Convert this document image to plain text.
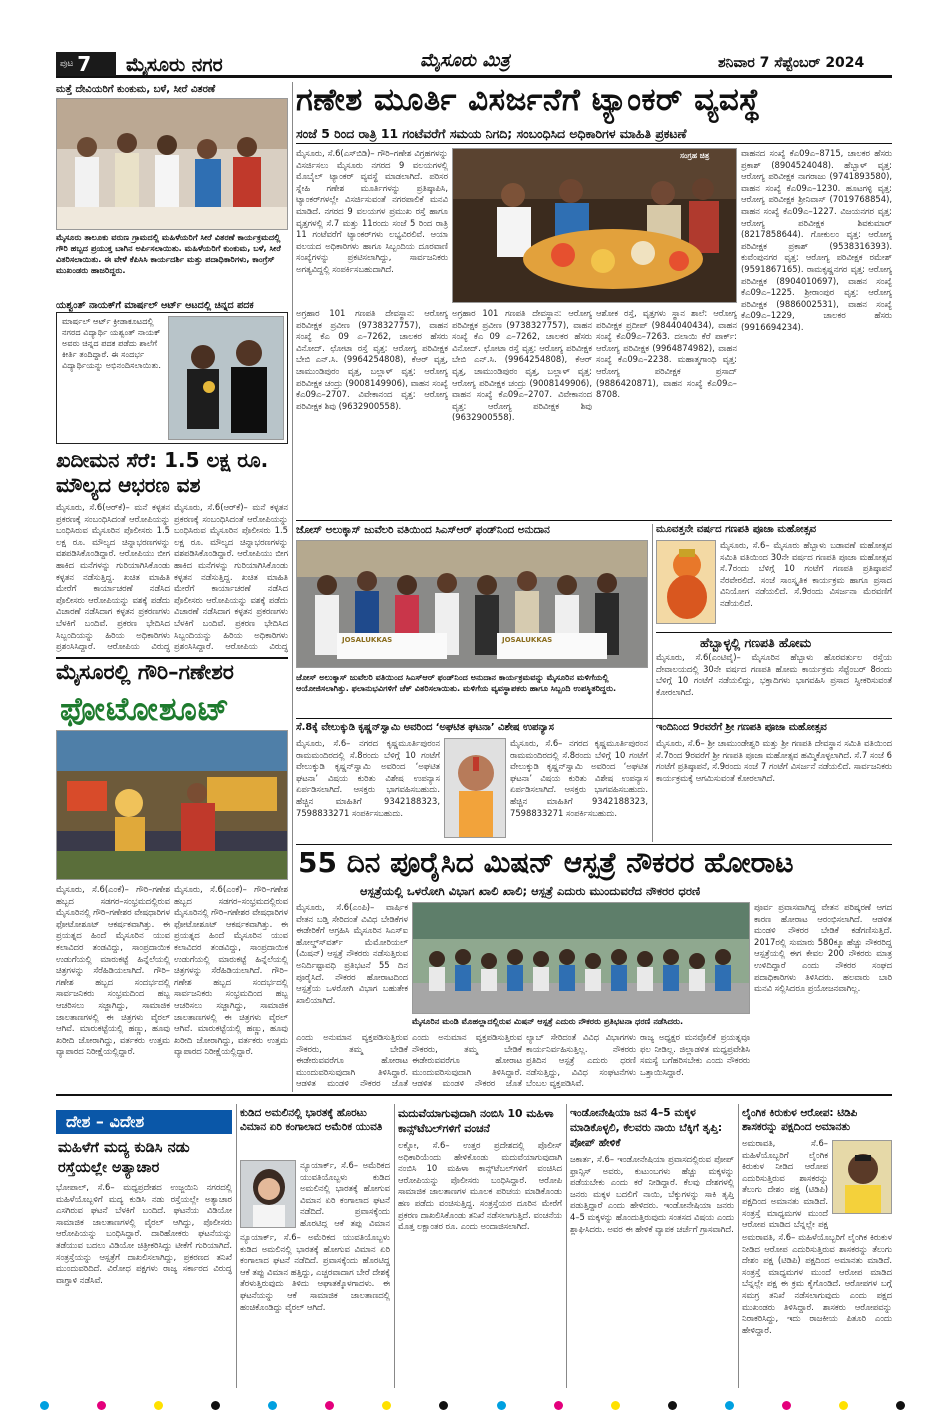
ಪುಟ 7 ಮೈಸೂರು ನಗರ	ಮೈಸೂರು ಮಿತ್ರ	ಶನಿವಾರ 7 ಸೆಪ್ಟೆಂಬರ್ 2024
ಮತ್ತೆ ದೇವಿಯರಿಗೆ ಕುಂಕುಮ, ಬಳೆ, ಸೀರೆ ವಿತರಣೆ
ಮೈಸೂರು ತಾಲೂಕು ವರುಣ ಗ್ರಾಮದಲ್ಲಿ ಮಹಿಳೆಯರಿಗೆ ಸೀರೆ ವಿತರಣೆ ಕಾರ್ಯಕ್ರಮದಲ್ಲಿ ಗೌರಿ ಹಬ್ಬದ ಪ್ರಯುಕ್ತ ಬಾಗಿನ ಅರ್ಪಿಸಲಾಯಿತು. ಮಹಿಳೆಯರಿಗೆ ಕುಂಕುಮ, ಬಳೆ, ಸೀರೆ ವಿತರಿಸಲಾಯಿತು. ಈ ವೇಳೆ ಕೆಪಿಸಿಸಿ ಕಾರ್ಯದರ್ಶಿ ಮತ್ತು ಪದಾಧಿಕಾರಿಗಳು, ಕಾಂಗ್ರೆಸ್ ಮುಖಂಡರು ಹಾಜರಿದ್ದರು.
ಯಶ್ವಂತ್ ನಾಯಕ್‌ಗೆ ಮಾರ್ಷಲ್ ಆರ್ಟ್ ಆಟದಲ್ಲಿ ಚಿನ್ನದ ಪದಕ
ಮಾರ್ಷಲ್ ಆರ್ಟ್ ಕ್ರೀಡಾಕೂಟದಲ್ಲಿ ನಗರದ ವಿದ್ಯಾರ್ಥಿ ಯಶ್ವಂತ್ ನಾಯಕ್ ಅವರು ಚಿನ್ನದ ಪದಕ ಪಡೆದು ಶಾಲೆಗೆ ಕೀರ್ತಿ ತಂದಿದ್ದಾರೆ. ಈ ಸಂದರ್ಭ ವಿದ್ಯಾರ್ಥಿಯನ್ನು ಅಭಿನಂದಿಸಲಾಯಿತು.
ಖದೀಮನ ಸೆರೆ: 1.5 ಲಕ್ಷ ರೂ. ಮೌಲ್ಯದ ಆಭರಣ ವಶ
ಮೈಸೂರು, ಸೆ.6(ಆರ್‌ಕೆ)– ಮನೆ ಕಳ್ಳತನ ಪ್ರಕರಣಕ್ಕೆ ಸಂಬಂಧಿಸಿದಂತೆ ಆರೋಪಿಯನ್ನು ಬಂಧಿಸಿರುವ ಮೈಸೂರಿನ ಪೊಲೀಸರು 1.5 ಲಕ್ಷ ರೂ. ಮೌಲ್ಯದ ಚಿನ್ನಾಭರಣಗಳನ್ನು ವಶಪಡಿಸಿಕೊಂಡಿದ್ದಾರೆ. ಆರೋಪಿಯು ಬೀಗ ಹಾಕಿದ ಮನೆಗಳನ್ನು ಗುರಿಯಾಗಿಸಿಕೊಂಡು ಕಳ್ಳತನ ನಡೆಸುತ್ತಿದ್ದ. ಖಚಿತ ಮಾಹಿತಿ ಮೇರೆಗೆ ಕಾರ್ಯಾಚರಣೆ ನಡೆಸಿದ ಪೊಲೀಸರು ಆರೋಪಿಯನ್ನು ವಶಕ್ಕೆ ಪಡೆದು ವಿಚಾರಣೆ ನಡೆಸಿದಾಗ ಕಳ್ಳತನ ಪ್ರಕರಣಗಳು ಬೆಳಕಿಗೆ ಬಂದಿವೆ. ಪ್ರಕರಣ ಭೇದಿಸಿದ ಸಿಬ್ಬಂದಿಯನ್ನು ಹಿರಿಯ ಅಧಿಕಾರಿಗಳು ಪ್ರಶಂಸಿಸಿದ್ದಾರೆ. ಆರೋಪಿಯ ವಿರುದ್ಧ
ಮೈಸೂರು, ಸೆ.6(ಆರ್‌ಕೆ)– ಮನೆ ಕಳ್ಳತನ ಪ್ರಕರಣಕ್ಕೆ ಸಂಬಂಧಿಸಿದಂತೆ ಆರೋಪಿಯನ್ನು ಬಂಧಿಸಿರುವ ಮೈಸೂರಿನ ಪೊಲೀಸರು 1.5 ಲಕ್ಷ ರೂ. ಮೌಲ್ಯದ ಚಿನ್ನಾಭರಣಗಳನ್ನು ವಶಪಡಿಸಿಕೊಂಡಿದ್ದಾರೆ. ಆರೋಪಿಯು ಬೀಗ ಹಾಕಿದ ಮನೆಗಳನ್ನು ಗುರಿಯಾಗಿಸಿಕೊಂಡು ಕಳ್ಳತನ ನಡೆಸುತ್ತಿದ್ದ. ಖಚಿತ ಮಾಹಿತಿ ಮೇರೆಗೆ ಕಾರ್ಯಾಚರಣೆ ನಡೆಸಿದ ಪೊಲೀಸರು ಆರೋಪಿಯನ್ನು ವಶಕ್ಕೆ ಪಡೆದು ವಿಚಾರಣೆ ನಡೆಸಿದಾಗ ಕಳ್ಳತನ ಪ್ರಕರಣಗಳು ಬೆಳಕಿಗೆ ಬಂದಿವೆ. ಪ್ರಕರಣ ಭೇದಿಸಿದ ಸಿಬ್ಬಂದಿಯನ್ನು ಹಿರಿಯ ಅಧಿಕಾರಿಗಳು ಪ್ರಶಂಸಿಸಿದ್ದಾರೆ. ಆರೋಪಿಯ ವಿರುದ್ಧ
ಮೈಸೂರಲ್ಲಿ ಗೌರಿ–ಗಣೇಶರ
ಫೋಟೋಶೂಟ್
ಮೈಸೂರು, ಸೆ.6(ಎಂಕೆ)– ಗೌರಿ–ಗಣೇಶ ಹಬ್ಬದ ಸಡಗರ–ಸಂಭ್ರಮದಲ್ಲಿರುವ ಮೈಸೂರಿನಲ್ಲಿ ಗೌರಿ–ಗಣೇಶರ ವೇಷಧಾರಿಗಳ ಫೋಟೋಶೂಟ್ ಆಕರ್ಷಕವಾಗಿತ್ತು. ಈ ಪ್ರಯತ್ನದ ಹಿಂದೆ ಮೈಸೂರಿನ ಯುವ ಕಲಾವಿದರ ತಂಡವಿದ್ದು, ಸಾಂಪ್ರದಾಯಿಕ ಉಡುಗೆಯಲ್ಲಿ ಮಾರುಕಟ್ಟೆ ಹಿನ್ನೆಲೆಯಲ್ಲಿ ಚಿತ್ರಗಳನ್ನು ಸೆರೆಹಿಡಿಯಲಾಗಿದೆ. ಗೌರಿ–ಗಣೇಶ ಹಬ್ಬದ ಸಂದರ್ಭದಲ್ಲಿ ಸಾರ್ವಜನಿಕರು ಸಂಭ್ರಮದಿಂದ ಹಬ್ಬ ಆಚರಿಸಲು ಸಜ್ಜಾಗಿದ್ದು, ಸಾಮಾಜಿಕ ಜಾಲತಾಣಗಳಲ್ಲಿ ಈ ಚಿತ್ರಗಳು ವೈರಲ್ ಆಗಿವೆ. ಮಾರುಕಟ್ಟೆಯಲ್ಲಿ ಹಣ್ಣು, ಹೂವು ಖರೀದಿ ಜೋರಾಗಿದ್ದು, ವರ್ತಕರು ಉತ್ತಮ ವ್ಯಾಪಾರದ ನಿರೀಕ್ಷೆಯಲ್ಲಿದ್ದಾರೆ.
ಮೈಸೂರು, ಸೆ.6(ಎಂಕೆ)– ಗೌರಿ–ಗಣೇಶ ಹಬ್ಬದ ಸಡಗರ–ಸಂಭ್ರಮದಲ್ಲಿರುವ ಮೈಸೂರಿನಲ್ಲಿ ಗೌರಿ–ಗಣೇಶರ ವೇಷಧಾರಿಗಳ ಫೋಟೋಶೂಟ್ ಆಕರ್ಷಕವಾಗಿತ್ತು. ಈ ಪ್ರಯತ್ನದ ಹಿಂದೆ ಮೈಸೂರಿನ ಯುವ ಕಲಾವಿದರ ತಂಡವಿದ್ದು, ಸಾಂಪ್ರದಾಯಿಕ ಉಡುಗೆಯಲ್ಲಿ ಮಾರುಕಟ್ಟೆ ಹಿನ್ನೆಲೆಯಲ್ಲಿ ಚಿತ್ರಗಳನ್ನು ಸೆರೆಹಿಡಿಯಲಾಗಿದೆ. ಗೌರಿ–ಗಣೇಶ ಹಬ್ಬದ ಸಂದರ್ಭದಲ್ಲಿ ಸಾರ್ವಜನಿಕರು ಸಂಭ್ರಮದಿಂದ ಹಬ್ಬ ಆಚರಿಸಲು ಸಜ್ಜಾಗಿದ್ದು, ಸಾಮಾಜಿಕ ಜಾಲತಾಣಗಳಲ್ಲಿ ಈ ಚಿತ್ರಗಳು ವೈರಲ್ ಆಗಿವೆ. ಮಾರುಕಟ್ಟೆಯಲ್ಲಿ ಹಣ್ಣು, ಹೂವು ಖರೀದಿ ಜೋರಾಗಿದ್ದು, ವರ್ತಕರು ಉತ್ತಮ ವ್ಯಾಪಾರದ ನಿರೀಕ್ಷೆಯಲ್ಲಿದ್ದಾರೆ.
ಗಣೇಶ ಮೂರ್ತಿ ವಿಸರ್ಜನೆಗೆ ಟ್ಯಾಂಕರ್ ವ್ಯವಸ್ಥೆ
ಸಂಜೆ 5 ರಿಂದ ರಾತ್ರಿ 11 ಗಂಟೆವರೆಗೆ ಸಮಯ ನಿಗದಿ; ಸಂಬಂಧಿಸಿದ ಅಧಿಕಾರಿಗಳ ಮಾಹಿತಿ ಪ್ರಕಟಣೆ
ಮೈಸೂರು, ಸೆ.6(ಎಸ್‌ಬಿಡಿ)– ಗೌರಿ–ಗಣೇಶ ವಿಗ್ರಹಗಳನ್ನು ವಿಸರ್ಜಿಸಲು ಮೈಸೂರು ನಗರದ 9 ವಲಯಗಳಲ್ಲಿ ಮೊಬೈಲ್ ಟ್ಯಾಂಕರ್ ವ್ಯವಸ್ಥೆ ಮಾಡಲಾಗಿದೆ. ಪರಿಸರ ಸ್ನೇಹಿ ಗಣೇಶ ಮೂರ್ತಿಗಳನ್ನು ಪ್ರತಿಷ್ಠಾಪಿಸಿ, ಟ್ಯಾಂಕರ್‌ಗಳಲ್ಲೇ ವಿಸರ್ಜಿಸುವಂತೆ ನಗರಪಾಲಿಕೆ ಮನವಿ ಮಾಡಿದೆ. ನಗರದ 9 ವಲಯಗಳ ಪ್ರಮುಖ ರಸ್ತೆ ಹಾಗೂ ವೃತ್ತಗಳಲ್ಲಿ ಸೆ.7 ಮತ್ತು 11ರಂದು ಸಂಜೆ 5 ರಿಂದ ರಾತ್ರಿ 11 ಗಂಟೆವರೆಗೆ ಟ್ಯಾಂಕರ್‌ಗಳು ಲಭ್ಯವಿರಲಿವೆ. ಆಯಾ ವಲಯದ ಅಧಿಕಾರಿಗಳು ಹಾಗೂ ಸಿಬ್ಬಂದಿಯ ದೂರವಾಣಿ ಸಂಖ್ಯೆಗಳನ್ನು ಪ್ರಕಟಿಸಲಾಗಿದ್ದು, ಸಾರ್ವಜನಿಕರು ಅಗತ್ಯವಿದ್ದಲ್ಲಿ ಸಂಪರ್ಕಿಸಬಹುದಾಗಿದೆ.
ಸಂಗ್ರಹ ಚಿತ್ರ	ವಾಹನದ ಸಂಖ್ಯೆ ಕೆಎ09ಎ–8715, ಚಾಲಕರ ಹೆಸರು ಪ್ರಕಾಶ್ (8904524048). ಹೆಬ್ಬಾಳ್ ವೃತ್ತ: ಆರೋಗ್ಯ ಪರಿವೀಕ್ಷಕ ನಾಗರಾಜು (9741893580), ವಾಹನ ಸಂಖ್ಯೆ ಕೆಎ09ಎ–1230. ಹೂಟಗಳ್ಳಿ ವೃತ್ತ: ಆರೋಗ್ಯ ಪರಿವೀಕ್ಷಕ ಶ್ರೀನಿವಾಸ್ (7019768854), ವಾಹನ ಸಂಖ್ಯೆ ಕೆಎ09ಎ–1227. ವಿಜಯನಗರ ವೃತ್ತ: ಆರೋಗ್ಯ ಪರಿವೀಕ್ಷಕ ಶಿವಕುಮಾರ್ (8217858644). ಗೋಕುಲಂ ವೃತ್ತ: ಆರೋಗ್ಯ ಪರಿವೀಕ್ಷಕ ಪ್ರಕಾಶ್ (9538316393). ಕುವೆಂಪುನಗರ ವೃತ್ತ: ಆರೋಗ್ಯ ಪರಿವೀಕ್ಷಕ ರಮೇಶ್ (9591867165). ರಾಮಕೃಷ್ಣನಗರ ವೃತ್ತ: ಆರೋಗ್ಯ ಪರಿವೀಕ್ಷಕ (8904010697), ವಾಹನ ಸಂಖ್ಯೆ ಕೆಎ09ಎ–1225. ಶ್ರೀರಾಂಪುರ ವೃತ್ತ: ಆರೋಗ್ಯ ಪರಿವೀಕ್ಷಕ (9886002531), ವಾಹನ ಸಂಖ್ಯೆ ಕೆಎ09ಎ–1229, ಚಾಲಕರ ಹೆಸರು (9916694234).
ಅಗ್ರಹಾರ 101 ಗಣಪತಿ ದೇವಸ್ಥಾನ: ಆರೋಗ್ಯ ಪರಿವೀಕ್ಷಕ ಪ್ರವೀಣ (9738327757), ವಾಹನ ಸಂಖ್ಯೆ ಕೆಎ 09 ಎ–7262, ಚಾಲಕರ ಹೆಸರು ವಿನೋದ್. ಛೋಟಾ ರಸ್ತೆ ವೃತ್ತ: ಆರೋಗ್ಯ ಪರಿವೀಕ್ಷಕ ಬೇಬಿ ಎನ್.ಸಿ. (9964254808), ಕೆಆರ್ ವೃತ್ತ, ಚಾಮುಂಡಿಪುರಂ ವೃತ್ತ, ಬಲ್ಲಾಳ್ ವೃತ್ತ: ಆರೋಗ್ಯ ಪರಿವೀಕ್ಷಕ ಚಂದ್ರು (9008149906), ವಾಹನ ಸಂಖ್ಯೆ ಕೆಎ09ಎ–2707. ವಿವೇಕಾನಂದ ವೃತ್ತ: ಆರೋಗ್ಯ ಪರಿವೀಕ್ಷಕ ಶಿವು (9632900558).
ಅಗ್ರಹಾರ 101 ಗಣಪತಿ ದೇವಸ್ಥಾನ: ಆರೋಗ್ಯ ಪರಿವೀಕ್ಷಕ ಪ್ರವೀಣ (9738327757), ವಾಹನ ಸಂಖ್ಯೆ ಕೆಎ 09 ಎ–7262, ಚಾಲಕರ ಹೆಸರು ವಿನೋದ್. ಛೋಟಾ ರಸ್ತೆ ವೃತ್ತ: ಆರೋಗ್ಯ ಪರಿವೀಕ್ಷಕ ಬೇಬಿ ಎನ್.ಸಿ. (9964254808), ಕೆಆರ್ ವೃತ್ತ, ಚಾಮುಂಡಿಪುರಂ ವೃತ್ತ, ಬಲ್ಲಾಳ್ ವೃತ್ತ: ಆರೋಗ್ಯ ಪರಿವೀಕ್ಷಕ ಚಂದ್ರು (9008149906), ವಾಹನ ಸಂಖ್ಯೆ ಕೆಎ09ಎ–2707. ವಿವೇಕಾನಂದ ವೃತ್ತ: ಆರೋಗ್ಯ ಪರಿವೀಕ್ಷಕ ಶಿವು (9632900558).
ಆಶೋಕ ರಸ್ತೆ, ವೃತ್ತಗಳು ಸ್ಥಾನ ಶಾಲೆ: ಆರೋಗ್ಯ ಪರಿವೀಕ್ಷಕ ಪ್ರದೀಪ್ (9844040434), ವಾಹನ ಸಂಖ್ಯೆ ಕೆಎ09ಎ–7263. ದಲಾಯಿ ಕೆರೆ ಪಾರ್ಕ್: ಆರೋಗ್ಯ ಪರಿವೀಕ್ಷಕ (9964874982), ವಾಹನ ಸಂಖ್ಯೆ ಕೆಎ09ಎ–2238. ಮಹಾತ್ಮಗಾಂಧಿ ವೃತ್ತ: ಆರೋಗ್ಯ ಪರಿವೀಕ್ಷಕ ಪ್ರಸಾದ್ (9886420871), ವಾಹನ ಸಂಖ್ಯೆ ಕೆಎ09ಎ–8708.
ಜೋಸ್ ಅಲುಕ್ಕಾಸ್ ಜುವೆಲರಿ ವತಿಯಿಂದ ಸಿಎಸ್‌ಆರ್ ಫಂಡ್‌ನಿಂದ ಅನುದಾನ
JOSALUKKAS	JOSALUKKAS
ಜೋಸ್ ಅಲುಕ್ಕಾಸ್ ಜುವೆಲರಿ ವತಿಯಿಂದ ಸಿಎಸ್‌ಆರ್ ಫಂಡ್‌ನಿಂದ ಅನುದಾನ ಕಾರ್ಯಕ್ರಮವನ್ನು ಮೈಸೂರಿನ ಮಳಿಗೆಯಲ್ಲಿ ಆಯೋಜಿಸಲಾಗಿತ್ತು. ಫಲಾನುಭವಿಗಳಿಗೆ ಚೆಕ್ ವಿತರಿಸಲಾಯಿತು. ಮಳಿಗೆಯ ವ್ಯವಸ್ಥಾಪಕರು ಹಾಗೂ ಸಿಬ್ಬಂದಿ ಉಪಸ್ಥಿತರಿದ್ದರು.
ಮೂವತ್ತನೇ ವರ್ಷದ ಗಣಪತಿ ಪೂಜಾ ಮಹೋತ್ಸವ
ಮೈಸೂರು, ಸೆ.6– ಮೈಸೂರು ಹೆಬ್ಬಾಳು ಬಡಾವಣೆ ಮಹೋತ್ಸವ ಸಮಿತಿ ವತಿಯಿಂದ 30ನೇ ವರ್ಷದ ಗಣಪತಿ ಪೂಜಾ ಮಹೋತ್ಸವ ಸೆ.7ರಂದು ಬೆಳಿಗ್ಗೆ 10 ಗಂಟೆಗೆ ಗಣಪತಿ ಪ್ರತಿಷ್ಠಾಪನೆ ನೆರವೇರಲಿದೆ. ಸಂಜೆ ಸಾಂಸ್ಕೃತಿಕ ಕಾರ್ಯಕ್ರಮ ಹಾಗೂ ಪ್ರಸಾದ ವಿನಿಯೋಗ ನಡೆಯಲಿದೆ. ಸೆ.9ರಂದು ವಿಸರ್ಜನಾ ಮೆರವಣಿಗೆ ನಡೆಯಲಿದೆ.
ಹೆಬ್ಬಾಳ್ಳಲ್ಲಿ ಗಣಪತಿ ಹೋಮ
ಮೈಸೂರು, ಸೆ.6(ಎಂಟಿವೈ)– ಮೈಸೂರಿನ ಹೆಬ್ಬಾಳು ಹೊರವರ್ತುಲ ರಸ್ತೆಯ ದೇವಾಲಯದಲ್ಲಿ 30ನೇ ವರ್ಷದ ಗಣಪತಿ ಹೋಮ ಕಾರ್ಯಕ್ರಮ ಸೆಪ್ಟೆಂಬರ್ 8ರಂದು ಬೆಳಿಗ್ಗೆ 10 ಗಂಟೆಗೆ ನಡೆಯಲಿದ್ದು, ಭಕ್ತಾದಿಗಳು ಭಾಗವಹಿಸಿ ಪ್ರಸಾದ ಸ್ವೀಕರಿಸುವಂತೆ ಕೋರಲಾಗಿದೆ.
ಸೆ.8ಕ್ಕೆ ವೇಲುಕ್ಕುಡಿ ಕೃಷ್ಣನ್‌ಸ್ವಾಮಿ ಅವರಿಂದ ‘ಅಘಟಿತ ಘಟನಾ’ ವಿಶೇಷ ಉಪನ್ಯಾಸ
ಮೈಸೂರು, ಸೆ.6– ನಗರದ ಕೃಷ್ಣಮೂರ್ತಿಪುರಂನ ರಾಮಮಂದಿರದಲ್ಲಿ ಸೆ.8ರಂದು ಬೆಳಿಗ್ಗೆ 10 ಗಂಟೆಗೆ ವೇಲುಕ್ಕುಡಿ ಕೃಷ್ಣನ್‌ಸ್ವಾಮಿ ಅವರಿಂದ ‘ಅಘಟಿತ ಘಟನಾ’ ವಿಷಯ ಕುರಿತು ವಿಶೇಷ ಉಪನ್ಯಾಸ ಏರ್ಪಡಿಸಲಾಗಿದೆ. ಆಸಕ್ತರು ಭಾಗವಹಿಸಬಹುದು. ಹೆಚ್ಚಿನ ಮಾಹಿತಿಗೆ 9342188323, 7598833271 ಸಂಪರ್ಕಿಸಬಹುದು.
ಮೈಸೂರು, ಸೆ.6– ನಗರದ ಕೃಷ್ಣಮೂರ್ತಿಪುರಂನ ರಾಮಮಂದಿರದಲ್ಲಿ ಸೆ.8ರಂದು ಬೆಳಿಗ್ಗೆ 10 ಗಂಟೆಗೆ ವೇಲುಕ್ಕುಡಿ ಕೃಷ್ಣನ್‌ಸ್ವಾಮಿ ಅವರಿಂದ ‘ಅಘಟಿತ ಘಟನಾ’ ವಿಷಯ ಕುರಿತು ವಿಶೇಷ ಉಪನ್ಯಾಸ ಏರ್ಪಡಿಸಲಾಗಿದೆ. ಆಸಕ್ತರು ಭಾಗವಹಿಸಬಹುದು. ಹೆಚ್ಚಿನ ಮಾಹಿತಿಗೆ 9342188323, 7598833271 ಸಂಪರ್ಕಿಸಬಹುದು.
ಇಂದಿನಿಂದ 9ರವರೆಗೆ ಶ್ರೀ ಗಣಪತಿ ಪೂಜಾ ಮಹೋತ್ಸವ
ಮೈಸೂರು, ಸೆ.6– ಶ್ರೀ ಚಾಮುಂಡೇಶ್ವರಿ ಮತ್ತು ಶ್ರೀ ಗಣಪತಿ ದೇವಸ್ಥಾನ ಸಮಿತಿ ವತಿಯಿಂದ ಸೆ.7ರಿಂದ 9ರವರೆಗೆ ಶ್ರೀ ಗಣಪತಿ ಪೂಜಾ ಮಹೋತ್ಸವ ಹಮ್ಮಿಕೊಳ್ಳಲಾಗಿದೆ. ಸೆ.7 ಸಂಜೆ 6 ಗಂಟೆಗೆ ಪ್ರತಿಷ್ಠಾಪನೆ, ಸೆ.9ರಂದು ಸಂಜೆ 7 ಗಂಟೆಗೆ ವಿಸರ್ಜನೆ ನಡೆಯಲಿದೆ. ಸಾರ್ವಜನಿಕರು ಕಾರ್ಯಕ್ರಮಕ್ಕೆ ಆಗಮಿಸುವಂತೆ ಕೋರಲಾಗಿದೆ.
55 ದಿನ ಪೂರೈಸಿದ ಮಿಷನ್ ಆಸ್ಪತ್ರೆ ನೌಕರರ ಹೋರಾಟ
ಆಸ್ಪತ್ರೆಯಲ್ಲಿ ಒಳರೋಗಿ ವಿಭಾಗ ಖಾಲಿ ಖಾಲಿ; ಆಸ್ಪತ್ರೆ ಎದುರು ಮುಂದುವರೆದ ನೌಕರರ ಧರಣಿ
ಮೈಸೂರು, ಸೆ.6(ಎಂಪಿ)– ವಾರ್ಷಿಕ ವೇತನ ಬಡ್ತಿ ಸೇರಿದಂತೆ ವಿವಿಧ ಬೇಡಿಕೆಗಳ ಈಡೇರಿಕೆಗೆ ಆಗ್ರಹಿಸಿ ಮೈಸೂರಿನ ಸಿಎಸ್‌ಐ ಹೋಲ್ಡ್‌ಸ್‌ವರ್ತ್ ಮೆಮೋರಿಯಲ್ (ಮಿಷನ್) ಆಸ್ಪತ್ರೆ ನೌಕರರು ನಡೆಸುತ್ತಿರುವ ಅನಿರ್ದಿಷ್ಟಾವಧಿ ಪ್ರತಿಭಟನೆ 55 ದಿನ ಪೂರೈಸಿದೆ. ನೌಕರರ ಹೋರಾಟದಿಂದ ಆಸ್ಪತ್ರೆಯ ಒಳರೋಗಿ ವಿಭಾಗ ಬಹುತೇಕ ಖಾಲಿಯಾಗಿದೆ.
ಮೈಸೂರಿನ ಮಂಡಿ ಮೊಹಲ್ಲಾದಲ್ಲಿರುವ ಮಿಷನ್ ಆಸ್ಪತ್ರೆ ಎದುರು ನೌಕರರು ಪ್ರತಿಭಟನಾ ಧರಣಿ ನಡೆಸಿದರು.
ಪೂರ್ವ ಪ್ರವಾಸವಾಗಿದ್ದ ವೇತನ ಪರಿಷ್ಕರಣೆ ಆಗದ ಕಾರಣ ಹೋರಾಟ ಆರಂಭಿಸಲಾಗಿದೆ. ಆಡಳಿತ ಮಂಡಳಿ ನೌಕರರ ಬೇಡಿಕೆ ಕಡೆಗಣಿಸುತ್ತಿದೆ. 2017ರಲ್ಲಿ ಸುಮಾರು 580ಕ್ಕೂ ಹೆಚ್ಚು ನೌಕರರಿದ್ದ ಆಸ್ಪತ್ರೆಯಲ್ಲಿ ಈಗ ಕೇವಲ 200 ನೌಕರರು ಮಾತ್ರ ಉಳಿದಿದ್ದಾರೆ ಎಂದು ನೌಕರರ ಸಂಘದ ಪದಾಧಿಕಾರಿಗಳು ತಿಳಿಸಿದರು. ಹಲವಾರು ಬಾರಿ ಮನವಿ ಸಲ್ಲಿಸಿದರೂ ಪ್ರಯೋಜನವಾಗಿಲ್ಲ.
ಎಂದು ಅನುಮಾನ ವ್ಯಕ್ತಪಡಿಸುತ್ತಿರುವ ನೌಕರರು, ತಮ್ಮ ಬೇಡಿಕೆ ಈಡೇರುವವರೆಗೂ ಹೋರಾಟ ಮುಂದುವರಿಸುವುದಾಗಿ ತಿಳಿಸಿದ್ದಾರೆ. ಆಡಳಿತ ಮಂಡಳಿ ನೌಕರರ ಜೊತೆ
ಎಂದು ಅನುಮಾನ ವ್ಯಕ್ತಪಡಿಸುತ್ತಿರುವ ನೌಕರರು, ತಮ್ಮ ಬೇಡಿಕೆ ಈಡೇರುವವರೆಗೂ ಹೋರಾಟ ಮುಂದುವರಿಸುವುದಾಗಿ ತಿಳಿಸಿದ್ದಾರೆ. ಆಡಳಿತ ಮಂಡಳಿ ನೌಕರರ ಜೊತೆ
ಲ್ಯಾಬ್ ಸೇರಿದಂತೆ ವಿವಿಧ ವಿಭಾಗಗಳು ಕಾರ್ಯನಿರ್ವಹಿಸುತ್ತಿಲ್ಲ. ನೌಕರರು ಪ್ರತಿದಿನ ಆಸ್ಪತ್ರೆ ಎದುರು ಧರಣಿ ನಡೆಸುತ್ತಿದ್ದು, ವಿವಿಧ ಸಂಘಟನೆಗಳು ಬೆಂಬಲ ವ್ಯಕ್ತಪಡಿಸಿವೆ.
ರಾಜ್ಯ ಅಧ್ಯಕ್ಷರ ಮನವೊಲಿಕೆ ಪ್ರಯತ್ನವೂ ಫಲ ನೀಡಿಲ್ಲ. ಜಿಲ್ಲಾಡಳಿತ ಮಧ್ಯಪ್ರವೇಶಿಸಿ ಸಮಸ್ಯೆ ಬಗೆಹರಿಸಬೇಕು ಎಂದು ನೌಕರರು ಒತ್ತಾಯಿಸಿದ್ದಾರೆ.
ದೇಶ – ವಿದೇಶ
ಮಹಿಳೆಗೆ ಮದ್ಯ ಕುಡಿಸಿ ನಡು ರಸ್ತೆಯಲ್ಲೇ ಅತ್ಯಾಚಾರ
ಭೋಪಾಲ್, ಸೆ.6– ಮಧ್ಯಪ್ರದೇಶದ ಉಜ್ಜಯಿನಿ ನಗರದಲ್ಲಿ ಮಹಿಳೆಯೊಬ್ಬಳಿಗೆ ಮದ್ಯ ಕುಡಿಸಿ ನಡು ರಸ್ತೆಯಲ್ಲೇ ಅತ್ಯಾಚಾರ ಎಸಗಿರುವ ಘಟನೆ ಬೆಳಕಿಗೆ ಬಂದಿದೆ. ಘಟನೆಯ ವಿಡಿಯೋ ಸಾಮಾಜಿಕ ಜಾಲತಾಣಗಳಲ್ಲಿ ವೈರಲ್ ಆಗಿದ್ದು, ಪೊಲೀಸರು ಆರೋಪಿಯನ್ನು ಬಂಧಿಸಿದ್ದಾರೆ. ದಾರಿಹೋಕರು ಘಟನೆಯನ್ನು ತಡೆಯುವ ಬದಲು ವಿಡಿಯೋ ಚಿತ್ರೀಕರಿಸಿದ್ದು ಟೀಕೆಗೆ ಗುರಿಯಾಗಿದೆ. ಸಂತ್ರಸ್ತೆಯನ್ನು ಆಸ್ಪತ್ರೆಗೆ ದಾಖಲಿಸಲಾಗಿದ್ದು, ಪ್ರಕರಣದ ತನಿಖೆ ಮುಂದುವರಿದಿದೆ. ವಿರೋಧ ಪಕ್ಷಗಳು ರಾಜ್ಯ ಸರ್ಕಾರದ ವಿರುದ್ಧ ವಾಗ್ದಾಳಿ ನಡೆಸಿವೆ.
ಕುಡಿದ ಅಮಲಿನಲ್ಲಿ ಭಾರತಕ್ಕೆ ಹೊರಟು ವಿಮಾನ ಏರಿ ಕಂಗಾಲಾದ ಅಮೆರಿಕ ಯುವತಿ
ನ್ಯೂಯಾರ್ಕ್, ಸೆ.6– ಅಮೆರಿಕದ ಯುವತಿಯೊಬ್ಬಳು ಕುಡಿದ ಅಮಲಿನಲ್ಲಿ ಭಾರತಕ್ಕೆ ಹೋಗುವ ವಿಮಾನ ಏರಿ ಕಂಗಾಲಾದ ಘಟನೆ ನಡೆದಿದೆ. ಪ್ರವಾಸಕ್ಕೆಂದು ಹೊರಟಿದ್ದ ಆಕೆ ತಪ್ಪು ವಿಮಾನ
ನ್ಯೂಯಾರ್ಕ್, ಸೆ.6– ಅಮೆರಿಕದ ಯುವತಿಯೊಬ್ಬಳು ಕುಡಿದ ಅಮಲಿನಲ್ಲಿ ಭಾರತಕ್ಕೆ ಹೋಗುವ ವಿಮಾನ ಏರಿ ಕಂಗಾಲಾದ ಘಟನೆ ನಡೆದಿದೆ. ಪ್ರವಾಸಕ್ಕೆಂದು ಹೊರಟಿದ್ದ ಆಕೆ ತಪ್ಪು ವಿಮಾನ ಹತ್ತಿದ್ದು, ಎಚ್ಚರವಾದಾಗ ಬೇರೆ ದೇಶಕ್ಕೆ ತೆರಳುತ್ತಿರುವುದು ತಿಳಿದು ಆಘಾತಕ್ಕೊಳಗಾದಳು. ಈ ಘಟನೆಯನ್ನು ಆಕೆ ಸಾಮಾಜಿಕ ಜಾಲತಾಣದಲ್ಲಿ ಹಂಚಿಕೊಂಡಿದ್ದು ವೈರಲ್ ಆಗಿದೆ.
ಮದುವೆಯಾಗುವುದಾಗಿ ನಂಬಿಸಿ 10 ಮಹಿಳಾ ಕಾನ್ಸ್‌ಟೆಬಲ್‌ಗಳಿಗೆ ವಂಚನೆ
ಲಕ್ನೋ, ಸೆ.6– ಉತ್ತರ ಪ್ರದೇಶದಲ್ಲಿ ಪೊಲೀಸ್ ಅಧಿಕಾರಿಯೆಂದು ಹೇಳಿಕೊಂಡು ಮದುವೆಯಾಗುವುದಾಗಿ ನಂಬಿಸಿ 10 ಮಹಿಳಾ ಕಾನ್ಸ್‌ಟೆಬಲ್‌ಗಳಿಗೆ ವಂಚಿಸಿದ ಆರೋಪಿಯನ್ನು ಪೊಲೀಸರು ಬಂಧಿಸಿದ್ದಾರೆ. ಆರೋಪಿ ಸಾಮಾಜಿಕ ಜಾಲತಾಣಗಳ ಮೂಲಕ ಪರಿಚಯ ಮಾಡಿಕೊಂಡು ಹಣ ಪಡೆದು ವಂಚಿಸುತ್ತಿದ್ದ. ಸಂತ್ರಸ್ತೆಯರ ದೂರಿನ ಮೇರೆಗೆ ಪ್ರಕರಣ ದಾಖಲಿಸಿಕೊಂಡು ತನಿಖೆ ನಡೆಸಲಾಗುತ್ತಿದೆ. ವಂಚನೆಯ ಮೊತ್ತ ಲಕ್ಷಾಂತರ ರೂ. ಎಂದು ಅಂದಾಜಿಸಲಾಗಿದೆ.
ಇಂಡೋನೇಷಿಯಾ ಜನ 4–5 ಮಕ್ಕಳ ಮಾಡಿಕೊಳ್ಳಲಿ, ಕೆಲವರು ನಾಯಿ ಬೆಕ್ಕಿಗೆ ತೃಪ್ತಿ: ಪೋಪ್ ಹೇಳಿಕೆ
ಜಕಾರ್ತ, ಸೆ.6– ಇಂಡೋನೇಷಿಯಾ ಪ್ರವಾಸದಲ್ಲಿರುವ ಪೋಪ್ ಫ್ರಾನ್ಸಿಸ್ ಅವರು, ಕುಟುಂಬಗಳು ಹೆಚ್ಚು ಮಕ್ಕಳನ್ನು ಪಡೆಯಬೇಕು ಎಂದು ಕರೆ ನೀಡಿದ್ದಾರೆ. ಕೆಲವು ದೇಶಗಳಲ್ಲಿ ಜನರು ಮಕ್ಕಳ ಬದಲಿಗೆ ನಾಯಿ, ಬೆಕ್ಕುಗಳನ್ನು ಸಾಕಿ ತೃಪ್ತಿ ಪಡುತ್ತಿದ್ದಾರೆ ಎಂದು ಹೇಳಿದರು. ಇಂಡೋನೇಷಿಯಾ ಜನರು 4–5 ಮಕ್ಕಳನ್ನು ಹೊಂದುತ್ತಿರುವುದು ಸಂತಸದ ವಿಷಯ ಎಂದು ಶ್ಲಾಘಿಸಿದರು. ಅವರ ಈ ಹೇಳಿಕೆ ವ್ಯಾಪಕ ಚರ್ಚೆಗೆ ಗ್ರಾಸವಾಗಿದೆ.
ಲೈಂಗಿಕ ಕಿರುಕುಳ ಆರೋಪ: ಟಿಡಿಪಿ ಶಾಸಕರನ್ನು ಪಕ್ಷದಿಂದ ಅಮಾನತು
ಅಮರಾವತಿ, ಸೆ.6– ಮಹಿಳೆಯೊಬ್ಬರಿಗೆ ಲೈಂಗಿಕ ಕಿರುಕುಳ ನೀಡಿದ ಆರೋಪ ಎದುರಿಸುತ್ತಿರುವ ಶಾಸಕರನ್ನು ತೆಲುಗು ದೇಶಂ ಪಕ್ಷ (ಟಿಡಿಪಿ) ಪಕ್ಷದಿಂದ ಅಮಾನತು ಮಾಡಿದೆ. ಸಂತ್ರಸ್ತೆ ಮಾಧ್ಯಮಗಳ ಮುಂದೆ ಆರೋಪ ಮಾಡಿದ ಬೆನ್ನಲ್ಲೇ ಪಕ್ಷ
ಅಮರಾವತಿ, ಸೆ.6– ಮಹಿಳೆಯೊಬ್ಬರಿಗೆ ಲೈಂಗಿಕ ಕಿರುಕುಳ ನೀಡಿದ ಆರೋಪ ಎದುರಿಸುತ್ತಿರುವ ಶಾಸಕರನ್ನು ತೆಲುಗು ದೇಶಂ ಪಕ್ಷ (ಟಿಡಿಪಿ) ಪಕ್ಷದಿಂದ ಅಮಾನತು ಮಾಡಿದೆ. ಸಂತ್ರಸ್ತೆ ಮಾಧ್ಯಮಗಳ ಮುಂದೆ ಆರೋಪ ಮಾಡಿದ ಬೆನ್ನಲ್ಲೇ ಪಕ್ಷ ಈ ಕ್ರಮ ಕೈಗೊಂಡಿದೆ. ಆರೋಪಗಳ ಬಗ್ಗೆ ಸಮಗ್ರ ತನಿಖೆ ನಡೆಸಲಾಗುವುದು ಎಂದು ಪಕ್ಷದ ಮುಖಂಡರು ತಿಳಿಸಿದ್ದಾರೆ. ಶಾಸಕರು ಆರೋಪವನ್ನು ನಿರಾಕರಿಸಿದ್ದು, ಇದು ರಾಜಕೀಯ ಪಿತೂರಿ ಎಂದು ಹೇಳಿದ್ದಾರೆ.
